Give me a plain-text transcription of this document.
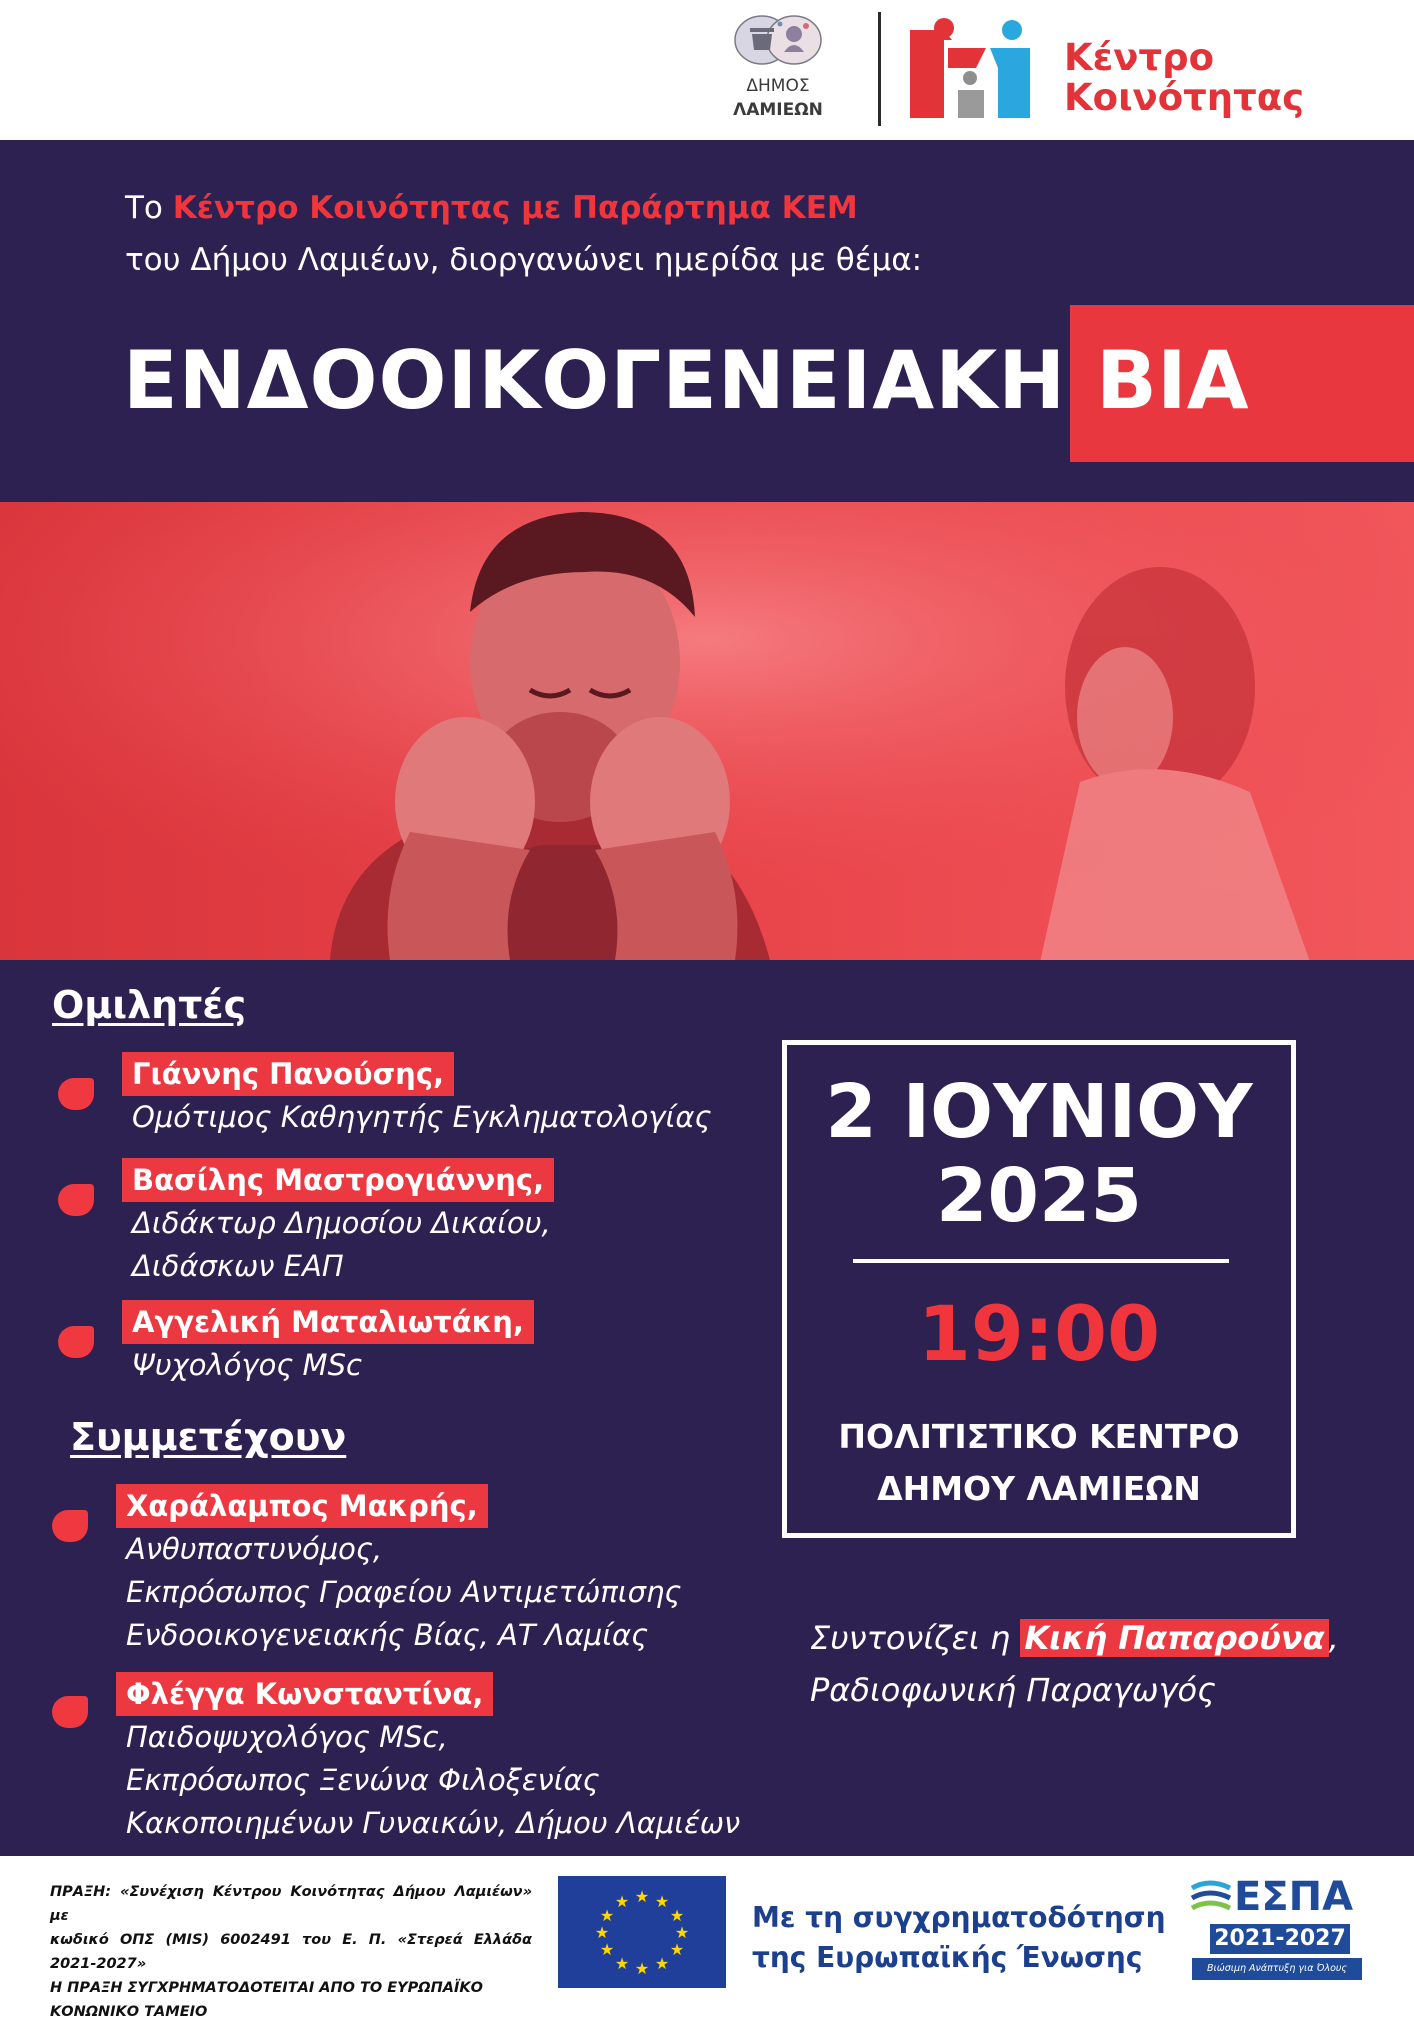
ΔΗΜΟΣ
ΛΑΜΙΕΩΝ
Κέντρο
Κοινότητας
Το Κέντρο Κοινότητας με Παράρτημα ΚΕΜ
του Δήμου Λαμιέων, διοργανώνει ημερίδα με θέμα:
ΕΝΔΟΟΙΚΟΓΕΝΕΙΑΚΗ ΒΙΑ
Ομιλητές
Γιάννης Πανούσης,
Ομότιμος Καθηγητής Εγκληματολογίας
Βασίλης Μαστρογιάννης,
Διδάκτωρ Δημοσίου Δικαίου,
Διδάσκων ΕΑΠ
Αγγελική Ματαλιωτάκη,
Ψυχολόγος MSc
Συμμετέχουν
Χαράλαμπος Μακρής,
Ανθυπαστυνόμος,
Εκπρόσωπος Γραφείου Αντιμετώπισης
Ενδοοικογενειακής Βίας, ΑΤ Λαμίας
Φλέγγα Κωνσταντίνα,
Παιδοψυχολόγος MSc,
Εκπρόσωπος Ξενώνα Φιλοξενίας
Κακοποιημένων Γυναικών, Δήμου Λαμιέων
2 ΙΟΥΝΙΟΥ
2025
19:00
ΠΟΛΙΤΙΣΤΙΚΟ ΚΕΝΤΡΟ
ΔΗΜΟΥ ΛΑΜΙΕΩΝ
Συντονίζει η Κική Παπαρούνα ,
Ραδιοφωνική Παραγωγός
ΠΡΑΞΗ: «Συνέχιση Κέντρου Κοινότητας Δήμου Λαμιέων» με
κωδικό ΟΠΣ (MIS) 6002491 του Ε. Π. «Στερεά Ελλάδα 2021-2027»
Η ΠΡΑΞΗ ΣΥΓΧΡΗΜΑΤΟΔΟΤΕΙΤΑΙ ΑΠΟ ΤΟ ΕΥΡΩΠΑΪΚΟ
ΚΟΝΩΝΙΚΟ ΤΑΜΕΙΟ
★ ★
★
★
★
★
★
★
★
★
★
★	Με τη συγχρηματοδότηση
της Ευρωπαϊκής Ένωσης
ΕΣΠΑ
2021-2027
Βιώσιμη Ανάπτυξη για Όλους
